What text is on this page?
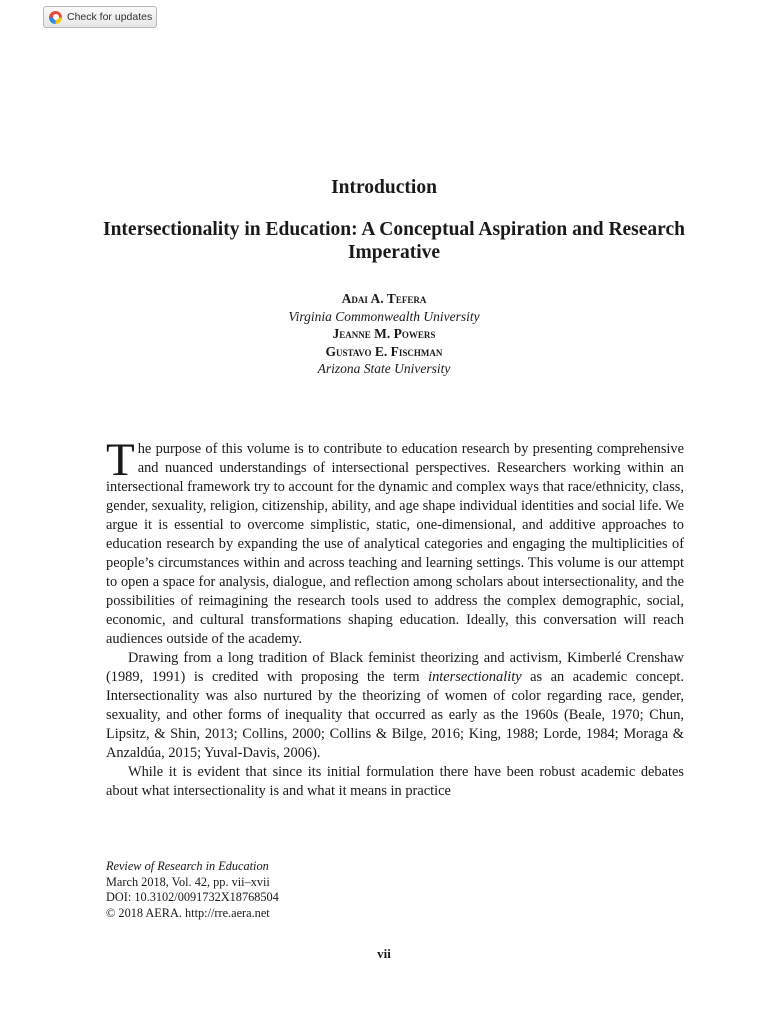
Check for updates
Introduction
Intersectionality in Education: A Conceptual Aspiration and Research Imperative
Adai A. Tefera
Virginia Commonwealth University
Jeanne M. Powers
Gustavo E. Fischman
Arizona State University

The purpose of this volume is to contribute to education research by presenting comprehensive and nuanced understandings of intersectional perspectives. Researchers working within an intersectional framework try to account for the dynamic and complex ways that race/ethnicity, class, gender, sexuality, religion, citizenship, ability, and age shape individual identities and social life. We argue it is essential to overcome simplistic, static, one-dimensional, and additive approaches to education research by expanding the use of analytical categories and engaging the multiplicities of people’s circumstances within and across teaching and learning settings. This volume is our attempt to open a space for analysis, dialogue, and reflection among scholars about intersectionality, and the possibilities of reimagining the research tools used to address the complex demographic, social, economic, and cultural transformations shaping education. Ideally, this conversation will reach audiences outside of the academy.

Drawing from a long tradition of Black feminist theorizing and activism, Kimberlé Crenshaw (1989, 1991) is credited with proposing the term intersectionality as an academic concept. Intersectionality was also nurtured by the theorizing of women of color regarding race, gender, sexuality, and other forms of inequality that occurred as early as the 1960s (Beale, 1970; Chun, Lipsitz, & Shin, 2013; Collins, 2000; Collins & Bilge, 2016; King, 1988; Lorde, 1984; Moraga & Anzaldúa, 2015; Yuval-Davis, 2006).

While it is evident that since its initial formulation there have been robust academic debates about what intersectionality is and what it means in practice

Review of Research in Education
March 2018, Vol. 42, pp. vii–xvii
DOI: 10.3102/0091732X18768504
© 2018 AERA. http://rre.aera.net
vii
